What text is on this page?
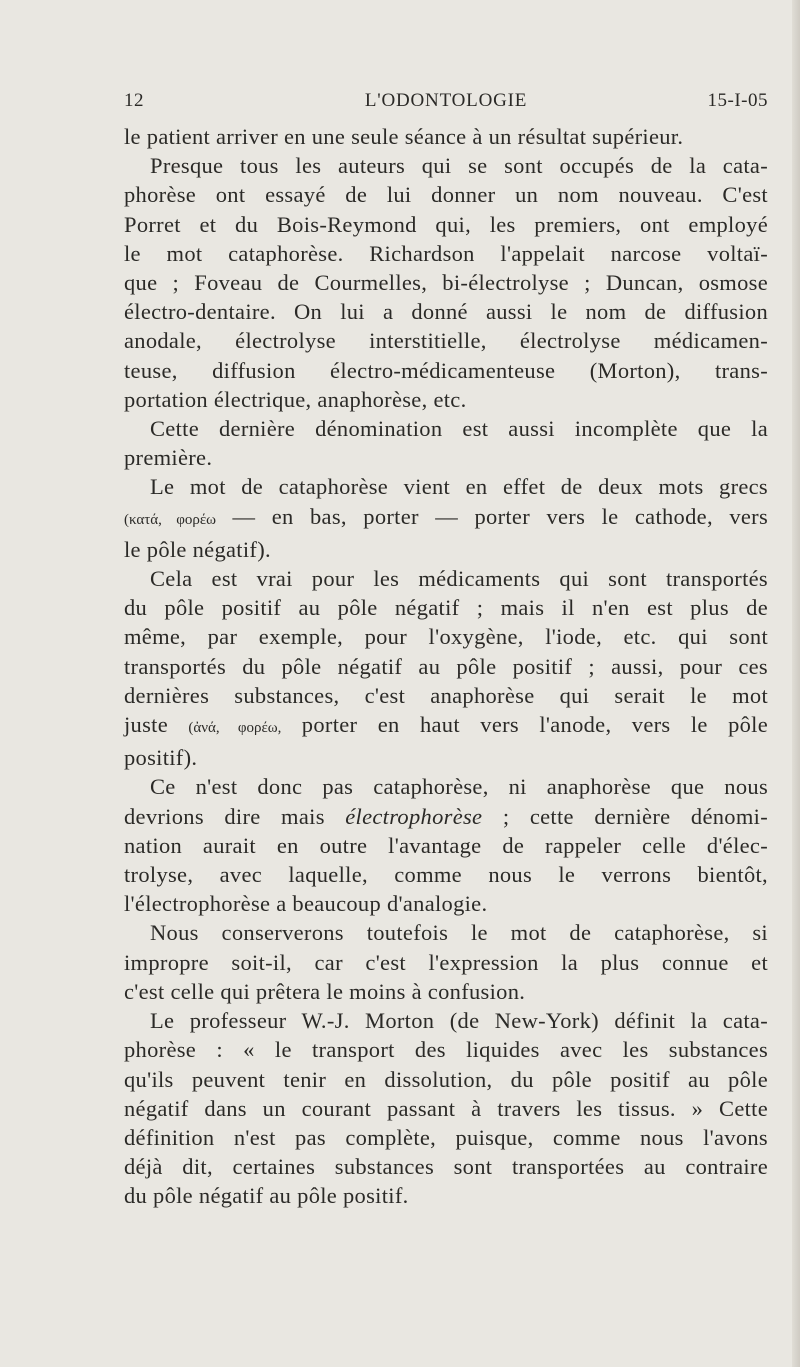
12	L'ODONTOLOGIE	15-I-05

le patient arriver en une seule séance à un résultat supérieur.

Presque tous les auteurs qui se sont occupés de la cata-

phorèse ont essayé de lui donner un nom nouveau. C'est

Porret et du Bois-Reymond qui, les premiers, ont employé

le mot cataphorèse. Richardson l'appelait narcose voltaï-

que ; Foveau de Courmelles, bi-électrolyse ; Duncan, osmose

électro-dentaire. On lui a donné aussi le nom de diffusion

anodale, électrolyse interstitielle, électrolyse médicamen-

teuse, diffusion électro-médicamenteuse (Morton), trans-

portation électrique, anaphorèse, etc.

Cette dernière dénomination est aussi incomplète que la

première.

Le mot de cataphorèse vient en effet de deux mots grecs

(κατά, φορέω — en bas, porter — porter vers le cathode, vers

le pôle négatif).

Cela est vrai pour les médicaments qui sont transportés

du pôle positif au pôle négatif ; mais il n'en est plus de

même, par exemple, pour l'oxygène, l'iode, etc. qui sont

transportés du pôle négatif au pôle positif ; aussi, pour ces

dernières substances, c'est anaphorèse qui serait le mot

juste (ἀνά, φορέω, porter en haut vers l'anode, vers le pôle

positif).

Ce n'est donc pas cataphorèse, ni anaphorèse que nous

devrions dire mais électrophorèse ; cette dernière dénomi-

nation aurait en outre l'avantage de rappeler celle d'élec-

trolyse, avec laquelle, comme nous le verrons bientôt,

l'électrophorèse a beaucoup d'analogie.

Nous conserverons toutefois le mot de cataphorèse, si

impropre soit-il, car c'est l'expression la plus connue et

c'est celle qui prêtera le moins à confusion.

Le professeur W.-J. Morton (de New-York) définit la cata-

phorèse : « le transport des liquides avec les substances

qu'ils peuvent tenir en dissolution, du pôle positif au pôle

négatif dans un courant passant à travers les tissus. » Cette

définition n'est pas complète, puisque, comme nous l'avons

déjà dit, certaines substances sont transportées au contraire

du pôle négatif au pôle positif.
